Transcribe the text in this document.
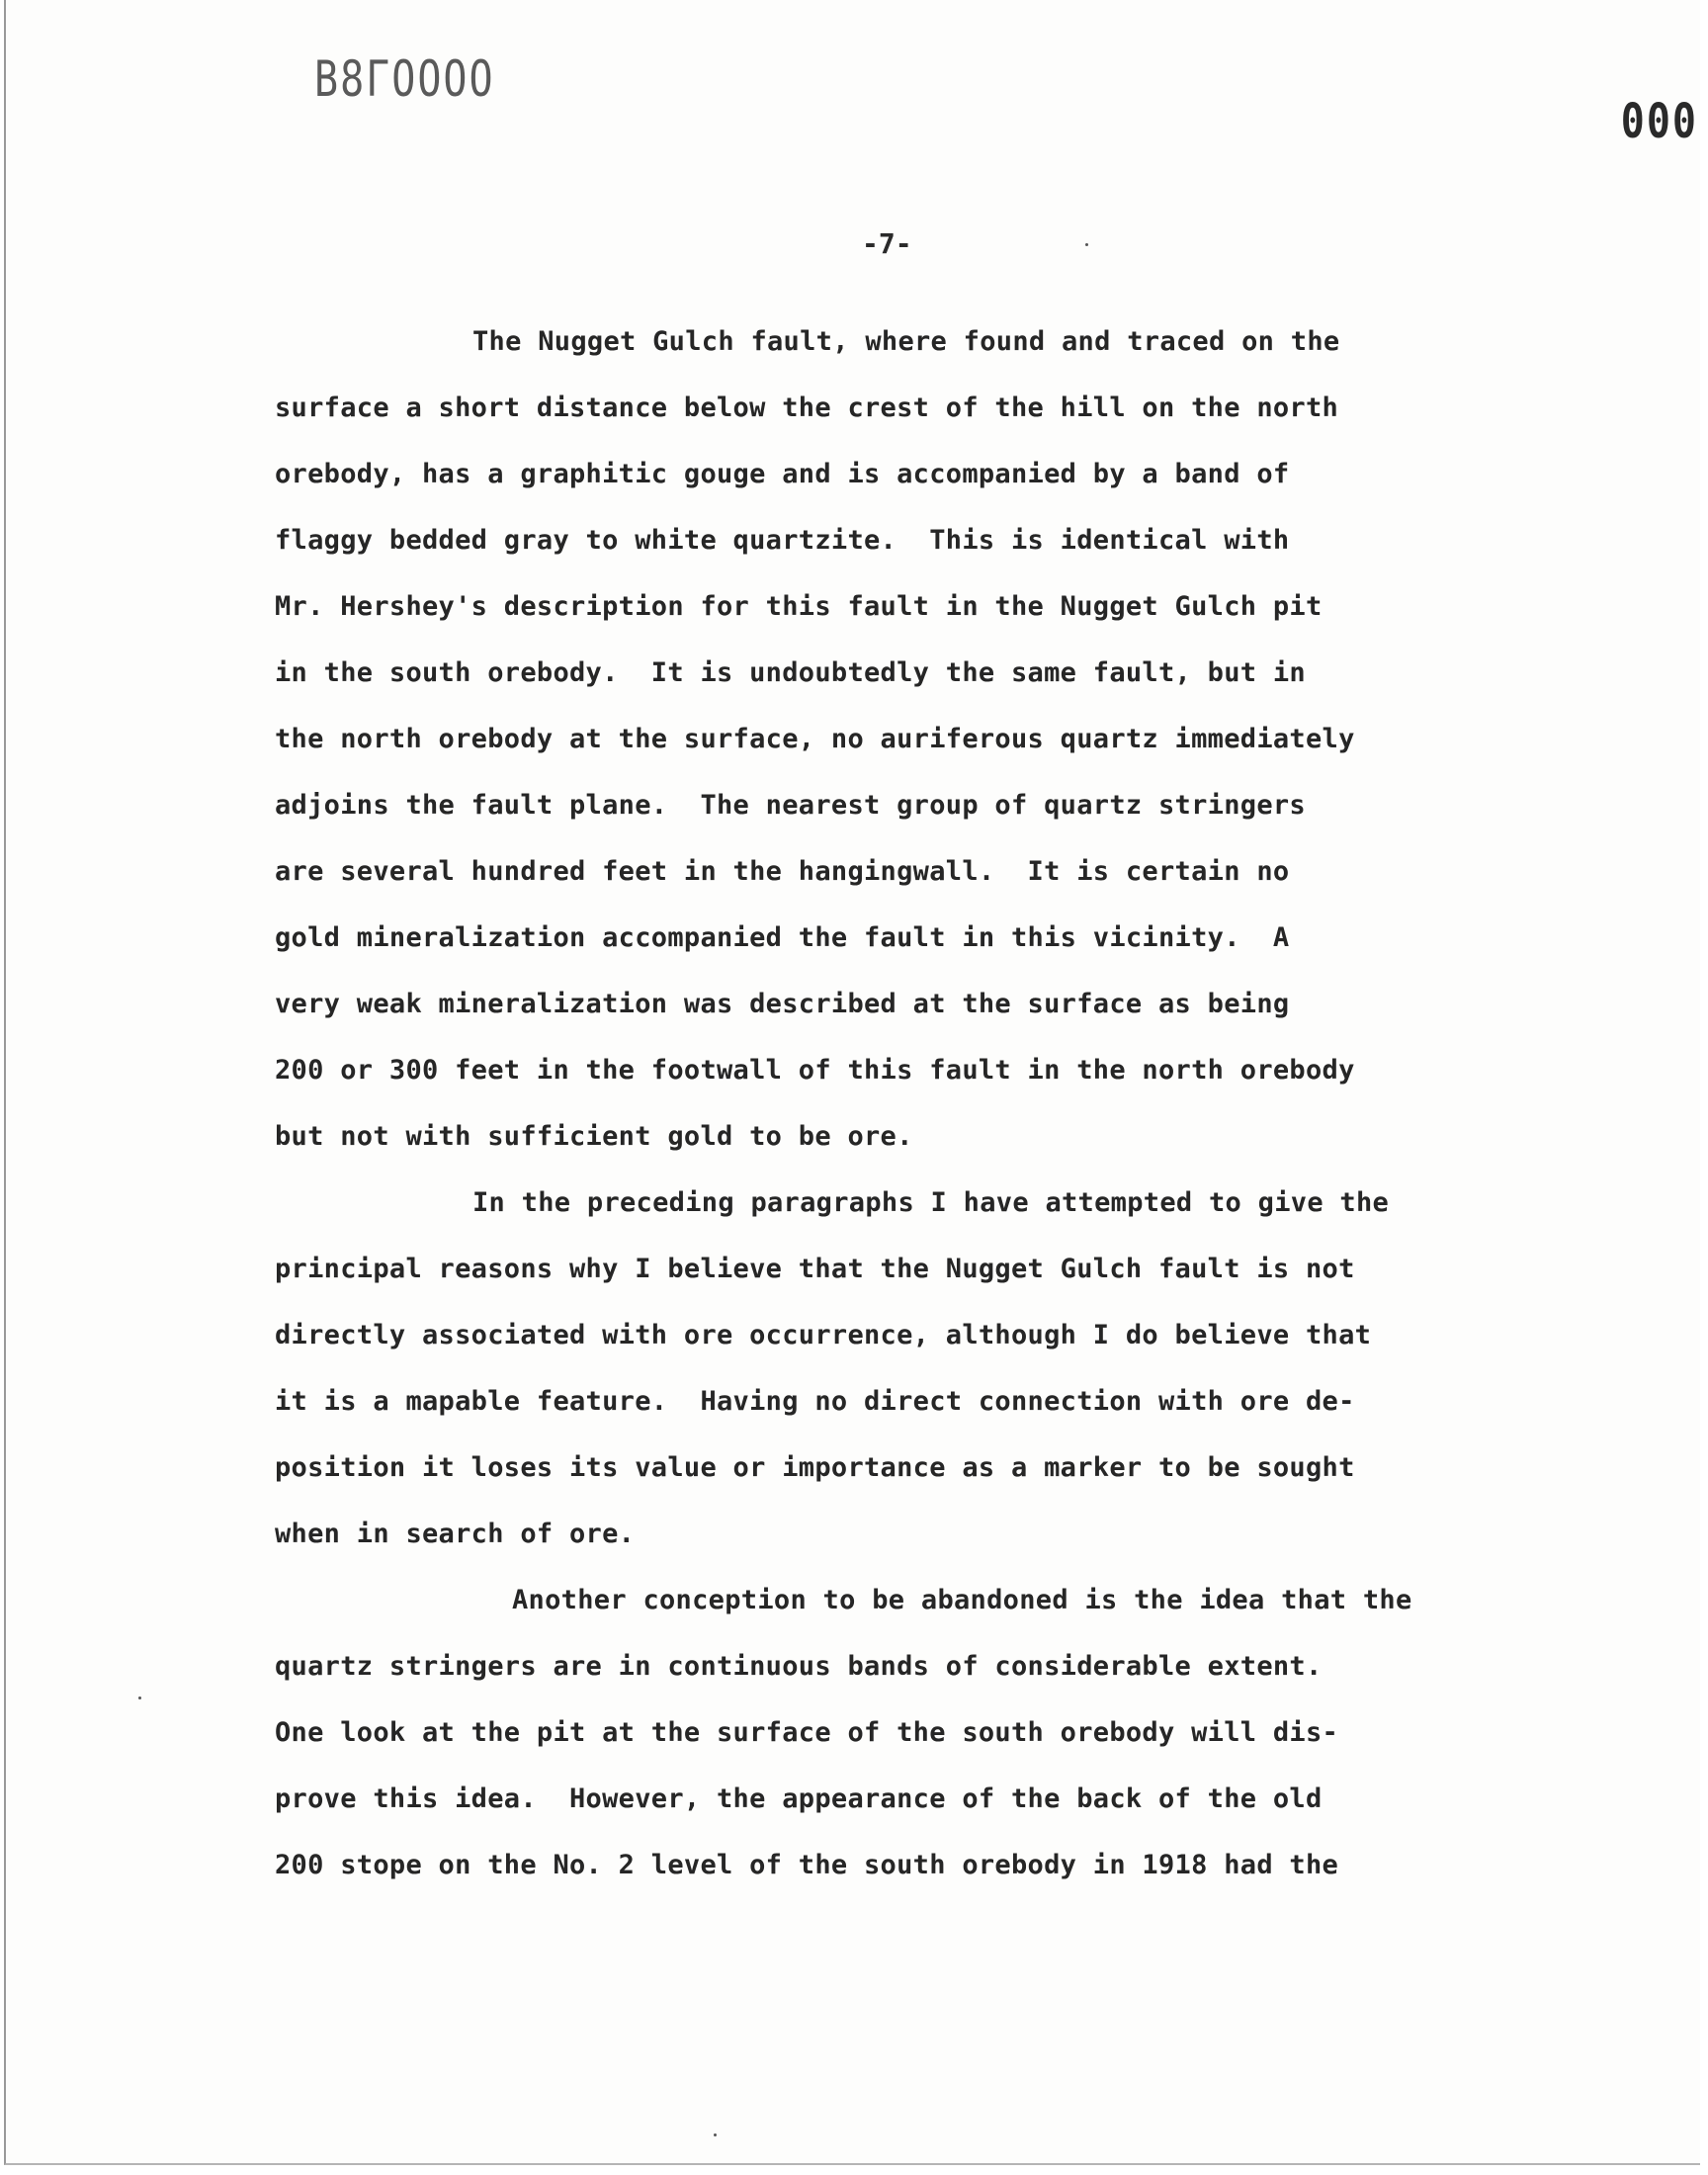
B8ГОООО
000
-7-
The Nugget Gulch fault, where found and traced on the
surface a short distance below the crest of the hill on the north
orebody, has a graphitic gouge and is accompanied by a band of
flaggy bedded gray to white quartzite.  This is identical with
Mr. Hershey's description for this fault in the Nugget Gulch pit
in the south orebody.  It is undoubtedly the same fault, but in
the north orebody at the surface, no auriferous quartz immediately
adjoins the fault plane.  The nearest group of quartz stringers
are several hundred feet in the hangingwall.  It is certain no
gold mineralization accompanied the fault in this vicinity.  A
very weak mineralization was described at the surface as being
200 or 300 feet in the footwall of this fault in the north orebody
but not with sufficient gold to be ore.
In the preceding paragraphs I have attempted to give the
principal reasons why I believe that the Nugget Gulch fault is not
directly associated with ore occurrence, although I do believe that
it is a mapable feature.  Having no direct connection with ore de-
position it loses its value or importance as a marker to be sought
when in search of ore.
Another conception to be abandoned is the idea that the
quartz stringers are in continuous bands of considerable extent.
One look at the pit at the surface of the south orebody will dis-
prove this idea.  However, the appearance of the back of the old
200 stope on the No. 2 level of the south orebody in 1918 had the
